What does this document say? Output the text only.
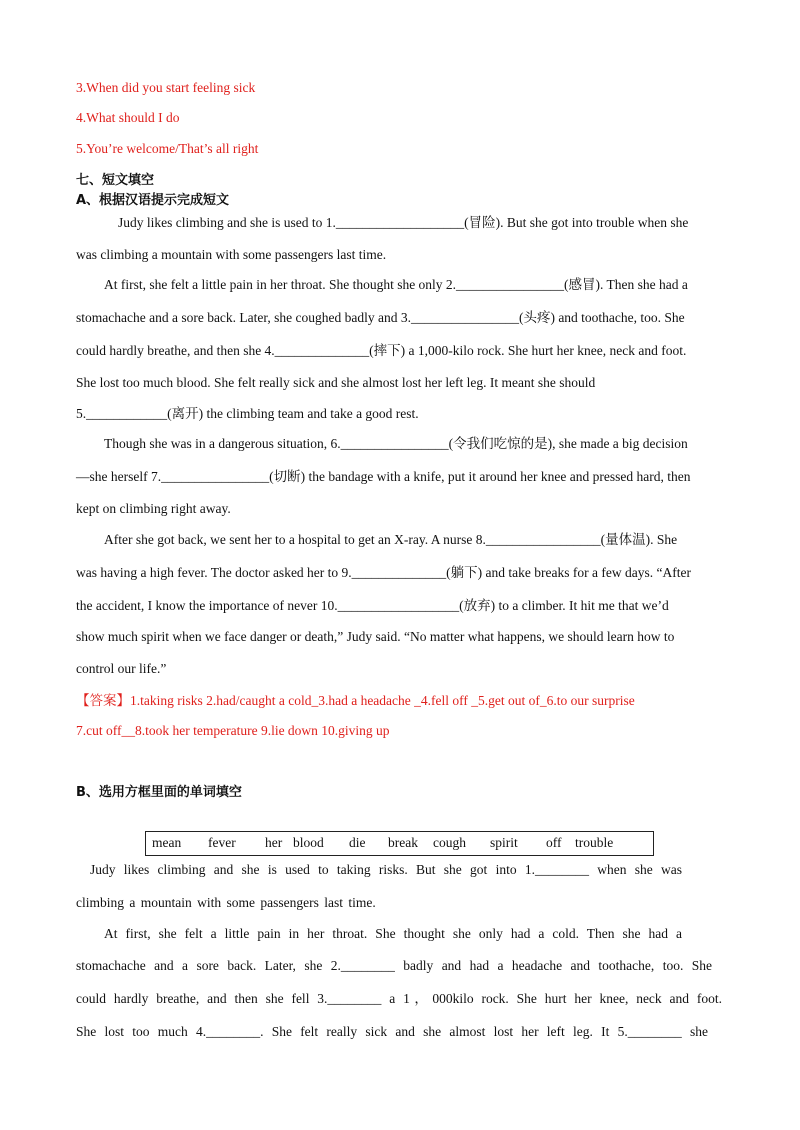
3.When did you start feeling sick
4.What should I do
5.You’re welcome/That’s all right
七、短文填空
A、根据汉语提示完成短文
Judy likes climbing and she is used to 1.___________________(冒险). But she got into trouble when she
was climbing a mountain with some passengers last time.
At first, she felt a little pain in her throat. She thought she only 2.________________(感冒). Then she had a
stomachache and a sore back. Later, she coughed badly and 3.________________(头疼) and toothache, too. She
could hardly breathe, and then she 4.______________(摔下) a 1,000-kilo rock. She hurt her knee, neck and foot.
She lost too much blood. She felt really sick and she almost lost her left leg. It meant she should
5.____________(离开) the climbing team and take a good rest.
Though she was in a dangerous situation, 6.________________(令我们吃惊的是), she made a big decision
—she herself 7.________________(切断) the bandage with a knife, put it around her knee and pressed hard, then
kept on climbing right away.
After she got back, we sent her to a hospital to get an X-ray. A nurse 8._________________(量体温). She
was having a high fever. The doctor asked her to 9.______________(躺下) and take breaks for a few days. “After
the accident, I know the importance of never 10.__________________(放弃) to a climber. It hit me that we’d
show much spirit when we face danger or death,” Judy said. “No matter what happens, we should learn how to
control our life.”
【答案】1.taking risks 2.had/caught a cold_3.had a headache _4.fell off _5.get out of_6.to our surprise
7.cut off__8.took her temperature 9.lie down 10.giving up
B、选用方框里面的单词填空
mean fever her blood die break cough spirit off trouble
Judy likes climbing and she is used to taking risks. But she got into 1.________ when she was
climbing a mountain with some passengers last time.
At first, she felt a little pain in her throat. She thought she only had a cold. Then she had a
stomachache and a sore back. Later, she 2.________ badly and had a headache and toothache, too. She
could hardly breathe, and then she fell 3.________ a 1，000kilo rock. She hurt her knee, neck and foot.
She lost too much 4.________. She felt really sick and she almost lost her left leg. It 5.________ she
